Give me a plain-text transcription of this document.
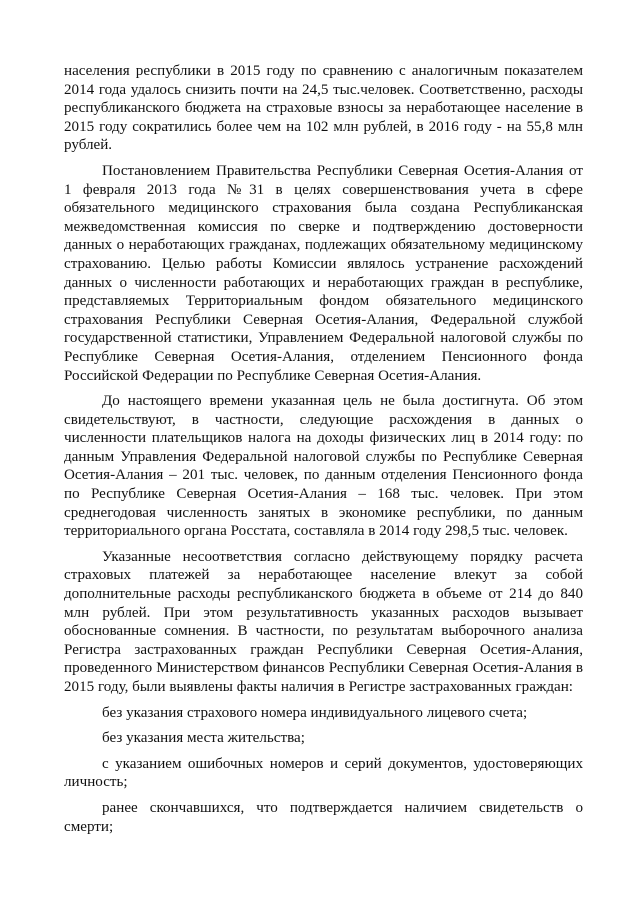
населения республики в 2015 году по сравнению с аналогичным показателем 2014 года удалось снизить почти на 24,5 тыс.человек. Соответственно, расходы республиканского бюджета на страховые взносы за неработающее население в 2015 году сократились более чем на 102 млн рублей, в 2016 году - на 55,8 млн рублей.

Постановлением Правительства Республики Северная Осетия-Алания от 1 февраля 2013 года №31 в целях совершенствования учета в сфере обязательного медицинского страхования была создана Республиканская межведомственная комиссия по сверке и подтверждению достоверности данных о неработающих гражданах, подлежащих обязательному медицинскому страхованию. Целью работы Комиссии являлось устранение расхождений данных о численности работающих и неработающих граждан в республике, представляемых Территориальным фондом обязательного медицинского страхования Республики Северная Осетия-Алания, Федеральной службой государственной статистики, Управлением Федеральной налоговой службы по Республике Северная Осетия-Алания, отделением Пенсионного фонда Российской Федерации по Республике Северная Осетия-Алания.

До настоящего времени указанная цель не была достигнута. Об этом свидетельствуют, в частности, следующие расхождения в данных о численности плательщиков налога на доходы физических лиц в 2014 году: по данным Управления Федеральной налоговой службы по Республике Северная Осетия-Алания – 201 тыс. человек, по данным отделения Пенсионного фонда по Республике Северная Осетия-Алания – 168 тыс. человек. При этом среднегодовая численность занятых в экономике республики, по данным территориального органа Росстата, составляла в 2014 году 298,5 тыс. человек.

Указанные несоответствия согласно действующему порядку расчета страховых платежей за неработающее население влекут за собой дополнительные расходы республиканского бюджета в объеме от 214 до 840 млн рублей. При этом результативность указанных расходов вызывает обоснованные сомнения. В частности, по результатам выборочного анализа Регистра застрахованных граждан Республики Северная Осетия-Алания, проведенного Министерством финансов Республики Северная Осетия-Алания в 2015 году, были выявлены факты наличия в Регистре застрахованных граждан:

без указания страхового номера индивидуального лицевого счета;

без указания места жительства;

с указанием ошибочных номеров и серий документов, удостоверяющих личность;

ранее скончавшихся, что подтверждается наличием свидетельств о смерти;
